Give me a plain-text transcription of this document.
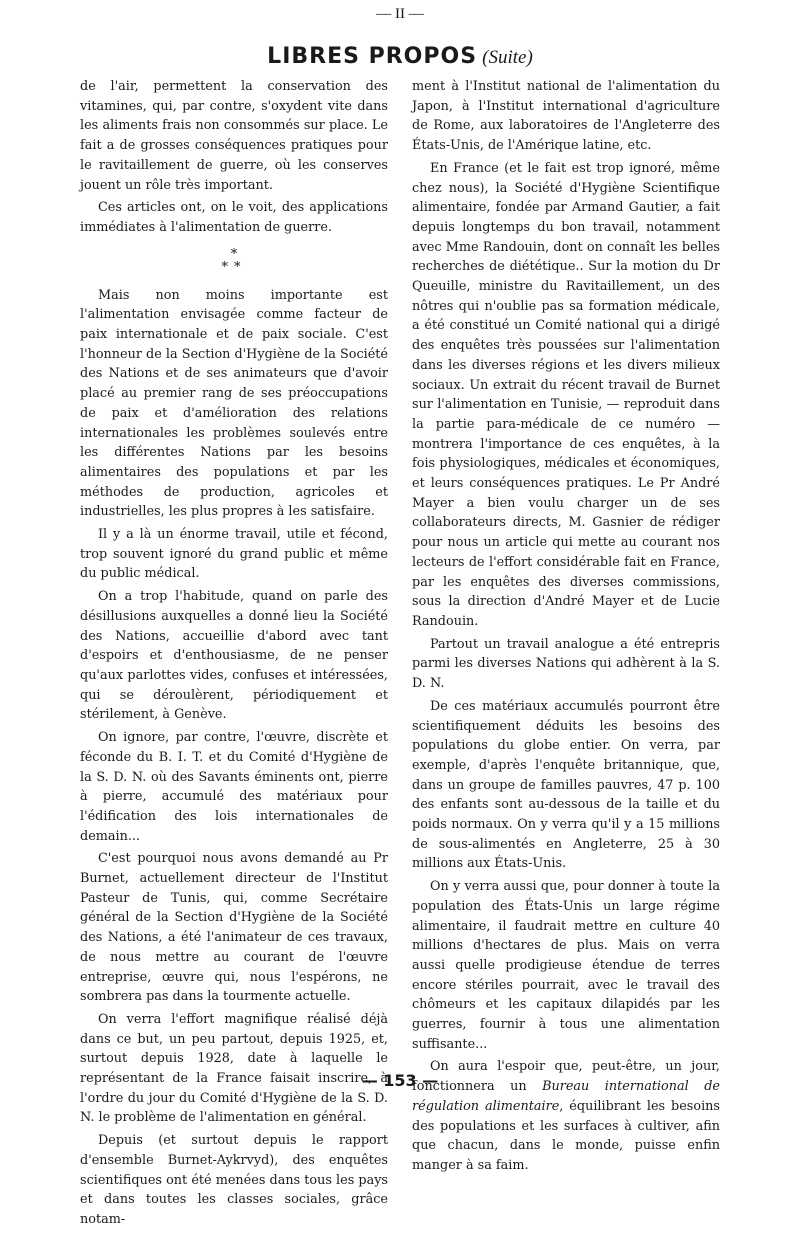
— II —
LIBRES PROPOS (Suite)

de l'air, permettent la conservation des vitamines, qui, par contre, s'oxydent vite dans les aliments frais non consommés sur place. Le fait a de grosses conséquences pratiques pour le ravitaillement de guerre, où les conserves jouent un rôle très important.

Ces articles ont, on le voit, des applications immédiates à l'alimentation de guerre.

*
**

Mais non moins importante est l'alimentation envisagée comme facteur de paix internationale et de paix sociale. C'est l'honneur de la Section d'Hygiène de la Société des Nations et de ses animateurs que d'avoir placé au premier rang de ses préoccupations de paix et d'amélioration des relations internationales les problèmes soulevés entre les différentes Nations par les besoins alimentaires des populations et par les méthodes de production, agricoles et industrielles, les plus propres à les satisfaire.

Il y a là un énorme travail, utile et fécond, trop souvent ignoré du grand public et même du public médical.

On a trop l'habitude, quand on parle des désillusions auxquelles a donné lieu la Société des Nations, accueillie d'abord avec tant d'espoirs et d'enthousiasme, de ne penser qu'aux parlottes vides, confuses et intéressées, qui se déroulèrent, périodiquement et stérilement, à Genève.

On ignore, par contre, l'œuvre, discrète et féconde du B. I. T. et du Comité d'Hygiène de la S. D. N. où des Savants éminents ont, pierre à pierre, accumulé des matériaux pour l'édification des lois internationales de demain...

C'est pourquoi nous avons demandé au Pr Burnet, actuellement directeur de l'Institut Pasteur de Tunis, qui, comme Secrétaire général de la Section d'Hygiène de la Société des Nations, a été l'animateur de ces travaux, de nous mettre au courant de l'œuvre entreprise, œuvre qui, nous l'espérons, ne sombrera pas dans la tourmente actuelle.

On verra l'effort magnifique réalisé déjà dans ce but, un peu partout, depuis 1925, et, surtout depuis 1928, date à laquelle le représentant de la France faisait inscrire, à l'ordre du jour du Comité d'Hygiène de la S. D. N. le problème de l'alimentation en général.

Depuis (et surtout depuis le rapport d'ensemble Burnet-Aykrvyd), des enquêtes scientifiques ont été menées dans tous les pays et dans toutes les classes sociales, grâce notam-

ment à l'Institut national de l'alimentation du Japon, à l'Institut international d'agriculture de Rome, aux laboratoires de l'Angleterre des États-Unis, de l'Amérique latine, etc.

En France (et le fait est trop ignoré, même chez nous), la Société d'Hygiène Scientifique alimentaire, fondée par Armand Gautier, a fait depuis longtemps du bon travail, notamment avec Mme Randouin, dont on connaît les belles recherches de diététique.. Sur la motion du Dr Queuille, ministre du Ravitaillement, un des nôtres qui n'oublie pas sa formation médicale, a été constitué un Comité national qui a dirigé des enquêtes très poussées sur l'alimentation dans les diverses régions et les divers milieux sociaux. Un extrait du récent travail de Burnet sur l'alimentation en Tunisie, — reproduit dans la partie para-médicale de ce numéro — montrera l'importance de ces enquêtes, à la fois physiologiques, médicales et économiques, et leurs conséquences pratiques. Le Pr André Mayer a bien voulu charger un de ses collaborateurs directs, M. Gasnier de rédiger pour nous un article qui mette au courant nos lecteurs de l'effort considérable fait en France, par les enquêtes des diverses commissions, sous la direction d'André Mayer et de Lucie Randouin.

Partout un travail analogue a été entrepris parmi les diverses Nations qui adhèrent à la S. D. N.

De ces matériaux accumulés pourront être scientifiquement déduits les besoins des populations du globe entier. On verra, par exemple, d'après l'enquête britannique, que, dans un groupe de familles pauvres, 47 p. 100 des enfants sont au-dessous de la taille et du poids normaux. On y verra qu'il y a 15 millions de sous-alimentés en Angleterre, 25 à 30 millions aux États-Unis.

On y verra aussi que, pour donner à toute la population des États-Unis un large régime alimentaire, il faudrait mettre en culture 40 millions d'hectares de plus. Mais on verra aussi quelle prodigieuse étendue de terres encore stériles pourrait, avec le travail des chômeurs et les capitaux dilapidés par les guerres, fournir à tous une alimentation suffisante...

On aura l'espoir que, peut-être, un jour, fonctionnera un Bureau international de régulation alimentaire, équilibrant les besoins des populations et les surfaces à cultiver, afin que chacun, dans le monde, puisse enfin manger à sa faim.

— 153 —
